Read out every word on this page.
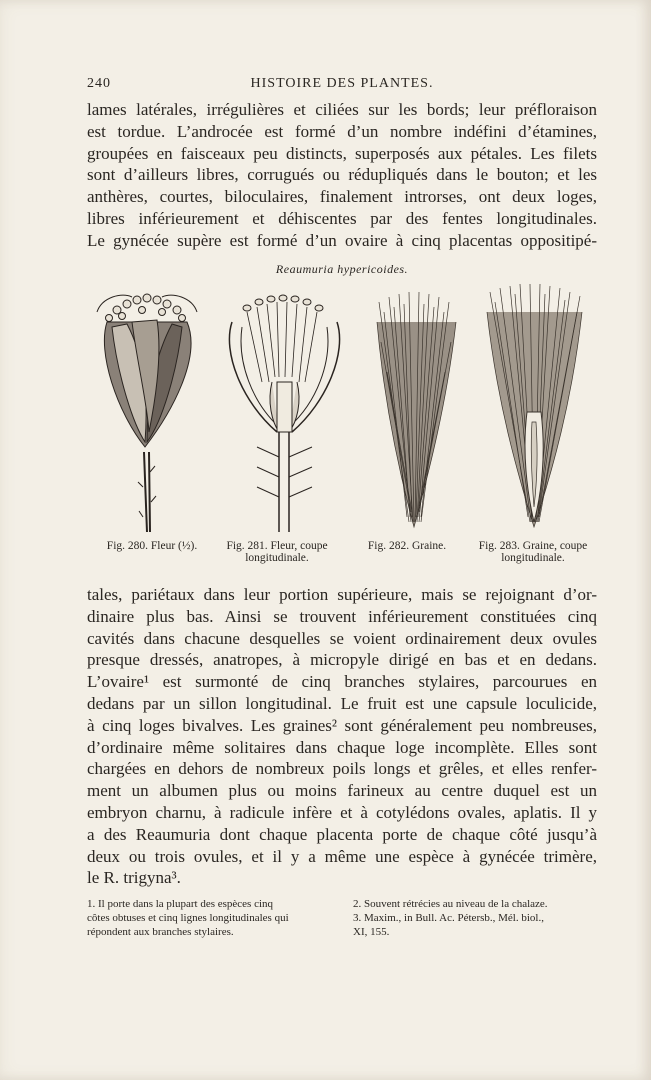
240	HISTOIRE DES PLANTES.
lames latérales, irrégulières et ciliées sur les bords; leur préfloraison
est tordue. L’androcée est formé d’un nombre indéfini d’étamines,
groupées en faisceaux peu distincts, superposés aux pétales. Les filets
sont d’ailleurs libres, corrugués ou rédupliqués dans le bouton; et les
anthères, courtes, biloculaires, finalement introrses, ont deux loges,
libres inférieurement et déhiscentes par des fentes longitudinales.
Le gynécée supère est formé d’un ovaire à cinq placentas oppositipé-
Reaumuria hypericoides.
Fig. 280. Fleur (½).	Fig. 281. Fleur, coupe
longitudinale.
Fig. 282. Graine.	Fig. 283. Graine, coupe
longitudinale.
tales, pariétaux dans leur portion supérieure, mais se rejoignant d’or-
dinaire plus bas. Ainsi se trouvent inférieurement constituées cinq
cavités dans chacune desquelles se voient ordinairement deux ovules
presque dressés, anatropes, à micropyle dirigé en bas et en dedans.
L’ovaire¹ est surmonté de cinq branches stylaires, parcourues en
dedans par un sillon longitudinal. Le fruit est une capsule loculicide,
à cinq loges bivalves. Les graines² sont généralement peu nombreuses,
d’ordinaire même solitaires dans chaque loge incomplète. Elles sont
chargées en dehors de nombreux poils longs et grêles, et elles renfer-
ment un albumen plus ou moins farineux au centre duquel est un
embryon charnu, à radicule infère et à cotylédons ovales, aplatis. Il y
a des Reaumuria dont chaque placenta porte de chaque côté jusqu’à
deux ou trois ovules, et il y a même une espèce à gynécée trimère,
le R. trigyna³.
1. Il porte dans la plupart des espèces cinq
côtes obtuses et cinq lignes longitudinales qui
répondent aux branches stylaires.
2. Souvent rétrécies au niveau de la chalaze.
3. Maxim., in Bull. Ac. Pétersb., Mél. biol.,
XI, 155.
